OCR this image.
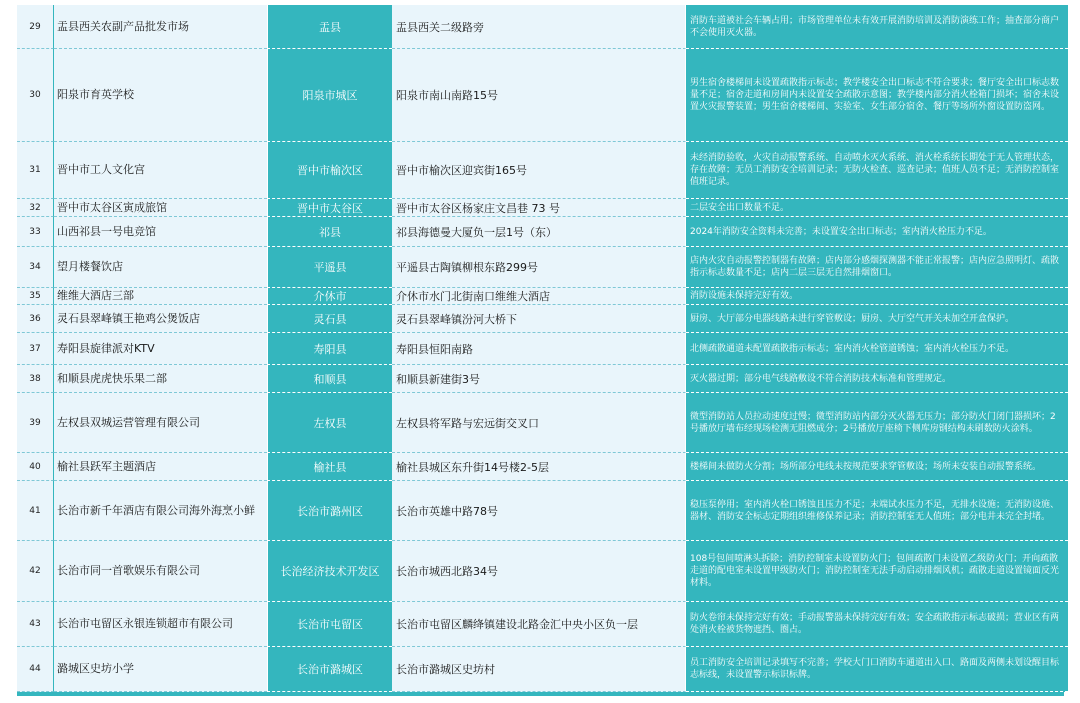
29	盂县西关农副产品批发市场	盂县	盂县西关二级路旁	消防车道被社会车辆占用；市场管理单位未有效开展消防培训及消防演练工作；抽查部分商户不会使用灭火器。
30	阳泉市育英学校	阳泉市城区	阳泉市南山南路15号	男生宿舍楼梯间未设置疏散指示标志；教学楼安全出口标志不符合要求；餐厅安全出口标志数量不足；宿舍走道和房间内未设置安全疏散示意图；教学楼内部分消火栓箱门损坏；宿舍未设置火灾报警装置；男生宿舍楼梯间、实验室、女生部分宿舍、餐厅等场所外窗设置防盗网。
31	晋中市工人文化宫	晋中市榆次区	晋中市榆次区迎宾街165号	未经消防验收，火灾自动报警系统、自动喷水灭火系统、消火栓系统长期处于无人管理状态，存在故障；无员工消防安全培训记录；无防火检查、巡查记录；值班人员不足；无消防控制室值班记录。
32	晋中市太谷区寅成旅馆	晋中市太谷区	晋中市太谷区杨家庄文昌巷 73 号	二层安全出口数量不足。
33	山西祁县一号电竞馆	祁县	祁县海德曼大厦负一层1号（东）	2024年消防安全资料未完善；未设置安全出口标志；室内消火栓压力不足。
34	望月楼餐饮店	平遥县	平遥县古陶镇柳根东路299号	店内火灾自动报警控制器有故障；店内部分感烟探测器不能正常报警；店内应急照明灯、疏散指示标志数量不足；店内二层三层无自然排烟窗口。
35	维维大酒店三部	介休市	介休市水门北街南口维维大酒店	消防设施未保持完好有效。
36	灵石县翠峰镇王艳鸡公煲饭店	灵石县	灵石县翠峰镇汾河大桥下	厨房、大厅部分电器线路未进行穿管敷设；厨房、大厅空气开关未加空开盒保护。
37	寿阳县旋律派对KTV	寿阳县	寿阳县恒阳南路	北侧疏散通道未配置疏散指示标志；室内消火栓管道锈蚀；室内消火栓压力不足。
38	和顺县虎虎快乐果二部	和顺县	和顺县新建街3号	灭火器过期；部分电气线路敷设不符合消防技术标准和管理规定。
39	左权县双城运营管理有限公司	左权县	左权县将军路与宏远街交叉口	微型消防站人员拉动速度过慢；微型消防站内部分灭火器无压力；部分防火门闭门器损坏；2号播放厅墙布经现场检测无阻燃成分；2号播放厅座椅下侧库房钢结构未刷数防火涂料。
40	榆社县跃军主题酒店	榆社县	榆社县城区东升街14号楼2-5层	楼梯间未做防火分割；场所部分电线未按规范要求穿管敷设；场所未安装自动报警系统。
41	长治市新千年酒店有限公司海外海烹小鲜	长治市潞州区	长治市英雄中路78号	稳压泵停用；室内消火栓口锈蚀且压力不足；末端试水压力不足，无排水设施；无消防设施、器材、消防安全标志定期组织维修保养记录；消防控制室无人值班；部分电井未完全封堵。
42	长治市同一首歌娱乐有限公司	长治经济技术开发区	长治市城西北路34号	108号包间喷淋头拆除；消防控制室未设置防火门；包间疏散门未设置乙级防火门；开向疏散走道的配电室未设置甲级防火门；消防控制室无法手动启动排烟风机；疏散走道设置镜面反光材料。
43	长治市屯留区永银连锁超市有限公司	长治市屯留区	长治市屯留区麟绛镇建设北路金汇中央小区负一层	防火卷帘未保持完好有效；手动报警器未保持完好有效；安全疏散指示标志破损；营业区有两处消火栓被货物遮挡、圈占。
44	潞城区史坊小学	长治市潞城区	长治市潞城区史坊村	员工消防安全培训记录填写不完善；学校大门口消防车通道出入口、路面及两侧未划设醒目标志标线，未设置警示标识标牌。
